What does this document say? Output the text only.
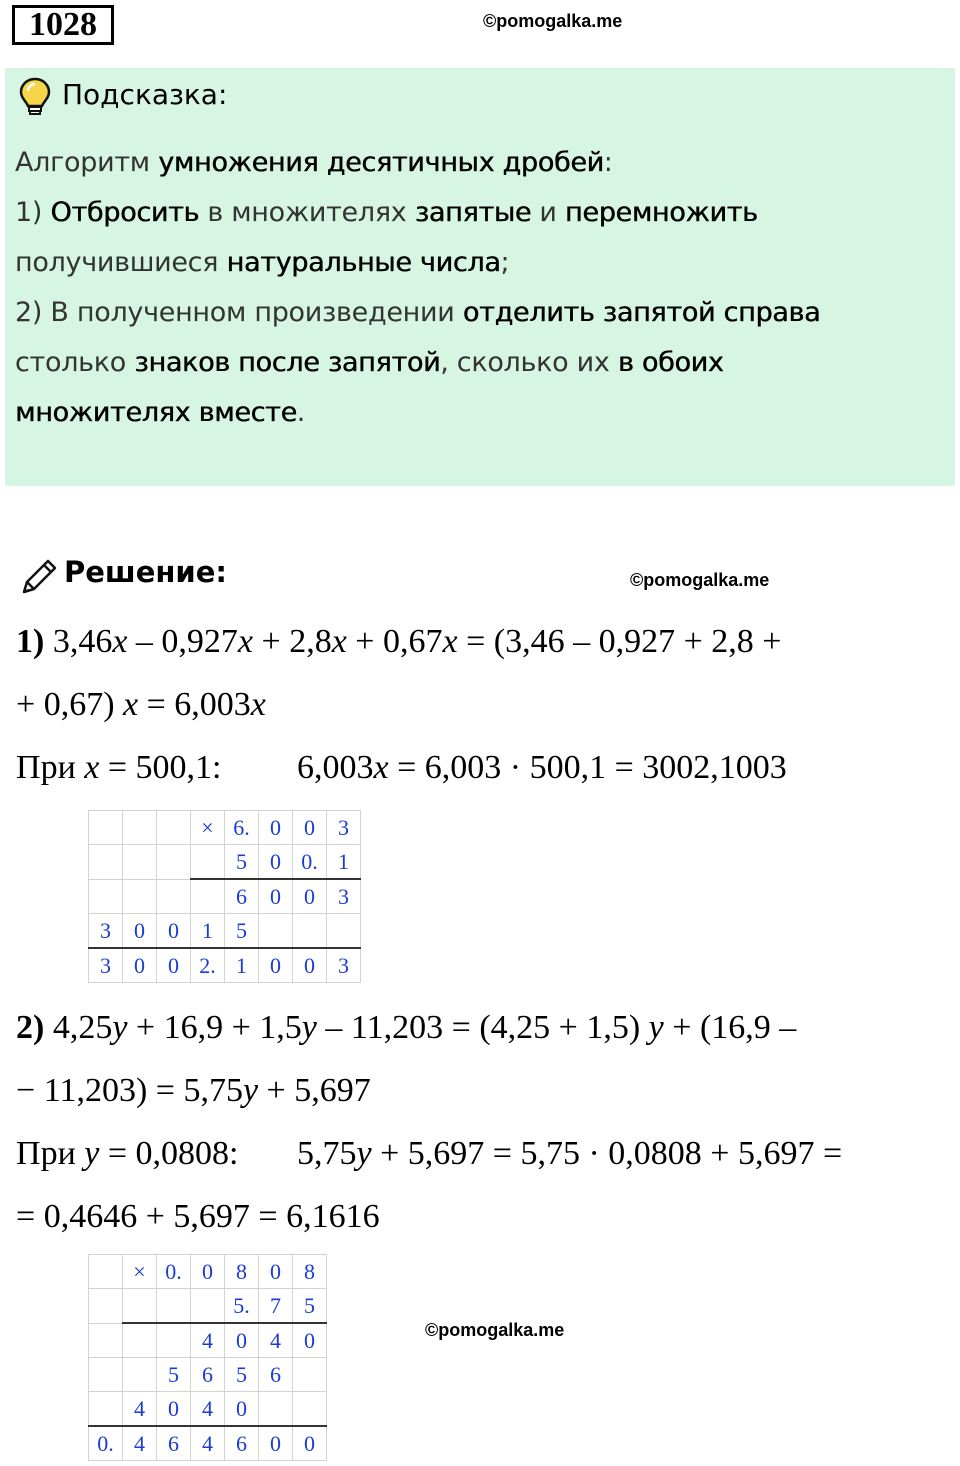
1028	©pomogalka.me
Подсказка:
Алгоритм умножения десятичных дробей:
1) Отбросить в множителях запятые и перемножить
получившиеся натуральные числа;
2) В полученном произведении отделить запятой справа
столько знаков после запятой, сколько их в обоих
множителях вместе.
Решение:	©pomogalka.me
1) 3,46x – 0,927x + 2,8x + 0,67x = (3,46 – 0,927 + 2,8 +
+ 0,67) x = 6,003x
При x = 500,1: 6,003x = 6,003 · 500,1 = 3002,1003
			×	6.	0	0	3
				5	0	0.	1
				6	0	0	3
3	0	0	1	5			
3	0	0	2.	1	0	0	3
2) 4,25y + 16,9 + 1,5y – 11,203 = (4,25 + 1,5) y + (16,9 –
− 11,203) = 5,75y + 5,697
При y = 0,0808: 5,75y + 5,697 = 5,75 · 0,0808 + 5,697 =
= 0,4646 + 5,697 = 6,1616
	×	0.	0	8	0	8
				5.	7	5
			4	0	4	0
		5	6	5	6	
	4	0	4	0		
0.	4	6	4	6	0	0
©pomogalka.me
